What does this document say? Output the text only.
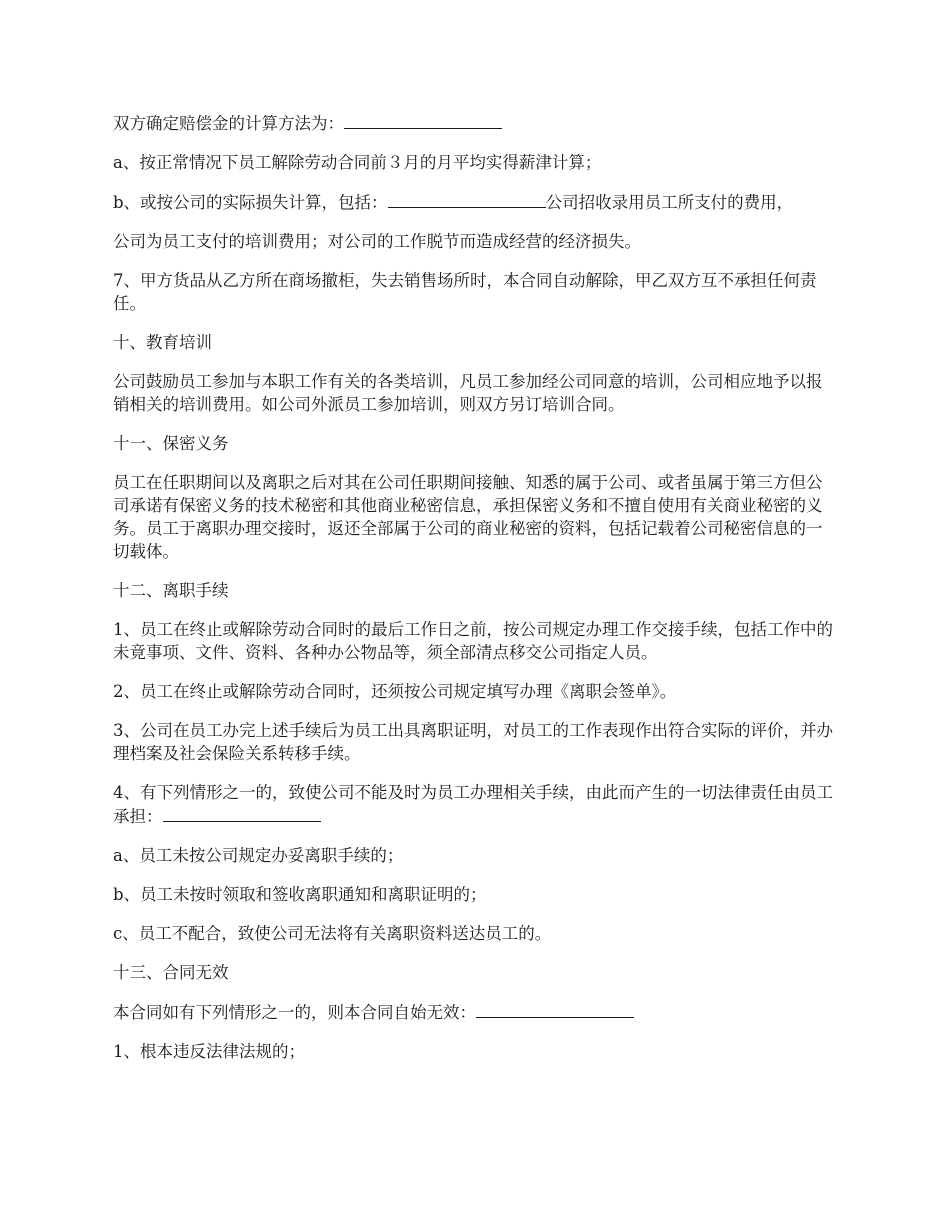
双方确定赔偿金的计算方法为：

a、按正常情况下员工解除劳动合同前３月的月平均实得薪津计算；

b、或按公司的实际损失计算，包括：	公司招收录用员工所支付的费用，

公司为员工支付的培训费用；对公司的工作脱节而造成经营的经济损失。

7、甲方货品从乙方所在商场撤柜，失去销售场所时，本合同自动解除，甲乙双方互不承担任何责任。

十、教育培训

公司鼓励员工参加与本职工作有关的各类培训，凡员工参加经公司同意的培训，公司相应地予以报销相关的培训费用。如公司外派员工参加培训，则双方另订培训合同。

十一、保密义务

员工在任职期间以及离职之后对其在公司任职期间接触、知悉的属于公司、或者虽属于第三方但公司承诺有保密义务的技术秘密和其他商业秘密信息，承担保密义务和不擅自使用有关商业秘密的义务。员工于离职办理交接时，返还全部属于公司的商业秘密的资料，包括记载着公司秘密信息的一切载体。

十二、离职手续

1、员工在终止或解除劳动合同时的最后工作日之前，按公司规定办理工作交接手续，包括工作中的未竟事项、文件、资料、各种办公物品等，须全部清点移交公司指定人员。

2、员工在终止或解除劳动合同时，还须按公司规定填写办理《离职会签单》。

3、公司在员工办完上述手续后为员工出具离职证明，对员工的工作表现作出符合实际的评价，并办理档案及社会保险关系转移手续。

4、有下列情形之一的，致使公司不能及时为员工办理相关手续，由此而产生的一切法律责任由员工承担：

a、员工未按公司规定办妥离职手续的；

b、员工未按时领取和签收离职通知和离职证明的；

c、员工不配合，致使公司无法将有关离职资料送达员工的。

十三、合同无效

本合同如有下列情形之一的，则本合同自始无效：

1、根本违反法律法规的；
